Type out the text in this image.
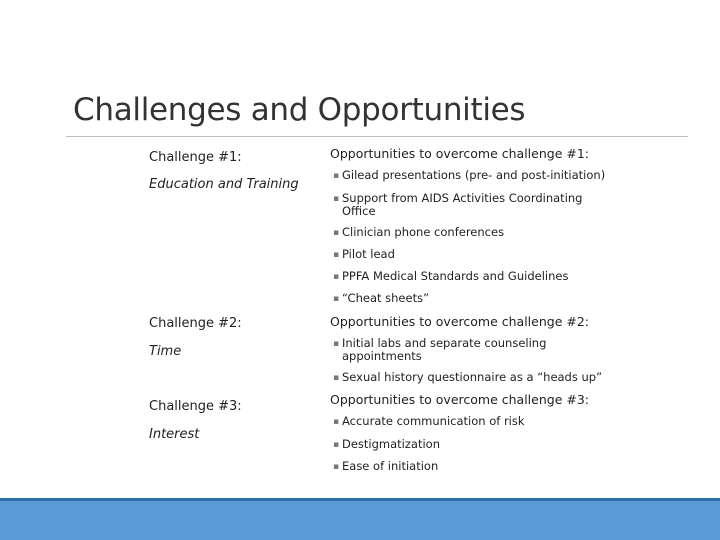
Challenges and Opportunities
Challenge #1:
Education and Training
Challenge #2:
Time
Challenge #3:
Interest
Opportunities to overcome challenge #1:
▪ Gilead presentations (pre- and post-initiation)
▪ Support from AIDS Activities Coordinating
Office
▪ Clinician phone conferences
▪ Pilot lead
▪ PPFA Medical Standards and Guidelines
▪ “Cheat sheets”
Opportunities to overcome challenge #2:
▪ Initial labs and separate counseling
appointments
▪ Sexual history questionnaire as a “heads up”
Opportunities to overcome challenge #3:
▪ Accurate communication of risk
▪ Destigmatization
▪ Ease of initiation
